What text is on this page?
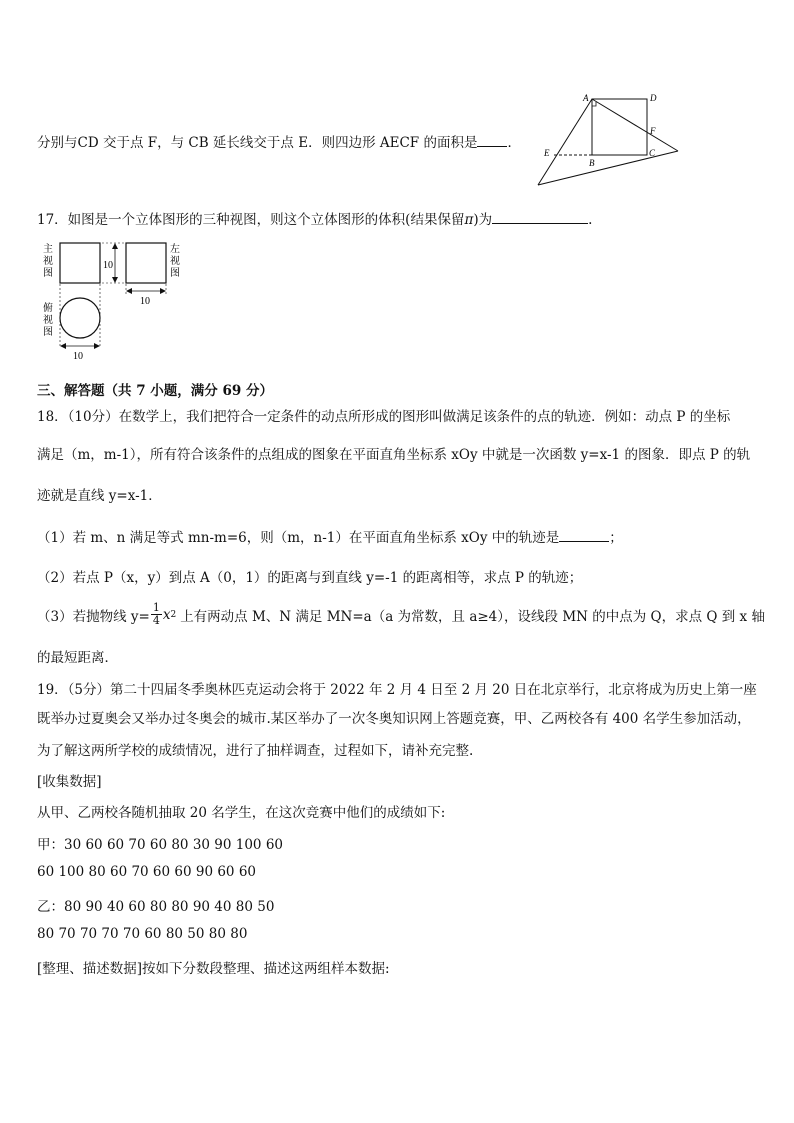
分别与CD 交于点 F，与 CB 延长线交于点 E．则四边形 AECF 的面积是 ．
A	D
F
E
B
C
17．如图是一个立体图形的三种视图，则这个立体图形的体积(结果保留π)为	.
10
10
主
视
图
左
视
图
10
俯
视
图
三、解答题（共 7 小题，满分 69 分）
18．（10分）在数学上，我们把符合一定条件的动点所形成的图形叫做满足该条件的点的轨迹．例如：动点 P 的坐标
满足（m，m-1），所有符合该条件的点组成的图象在平面直角坐标系 xOy 中就是一次函数 y=x-1 的图象．即点 P 的轨
迹就是直线 y=x-1．
（1）若 m、n 满足等式 mn-m=6，则（m，n-1）在平面直角坐标系 xOy 中的轨迹是	；
（2）若点 P（x，y）到点 A（0，1）的距离与到直线 y=-1 的距离相等，求点 P 的轨迹；
（3）若抛物线 $y= \frac{1}{4}$ x 2 上有两动点 M、N 满足 MN=a（a 为常数，且 a≥4），设线段 MN 的中点为 Q，求点 Q 到 x 轴
的最短距离．
19．（5分）第二十四届冬季奥林匹克运动会将于 2022 年 2 月 4 日至 2 月 20 日在北京举行，北京将成为历史上第一座
既举办过夏奥会又举办过冬奥会的城市.某区举办了一次冬奥知识网上答题竞赛，甲、乙两校各有 400 名学生参加活动，
为了解这两所学校的成绩情况，进行了抽样调查，过程如下，请补充完整.
[收集数据]
从甲、乙两校各随机抽取 20 名学生，在这次竞赛中他们的成绩如下:
甲：30 60 60 70 60 80 30 90 100 60
60 100 80 60 70 60 60 90 60 60
乙：80 90 40 60 80 80 90 40 80 50
80 70 70 70 70 60 80 50 80 80
[整理、描述数据]按如下分数段整理、描述这两组样本数据:
